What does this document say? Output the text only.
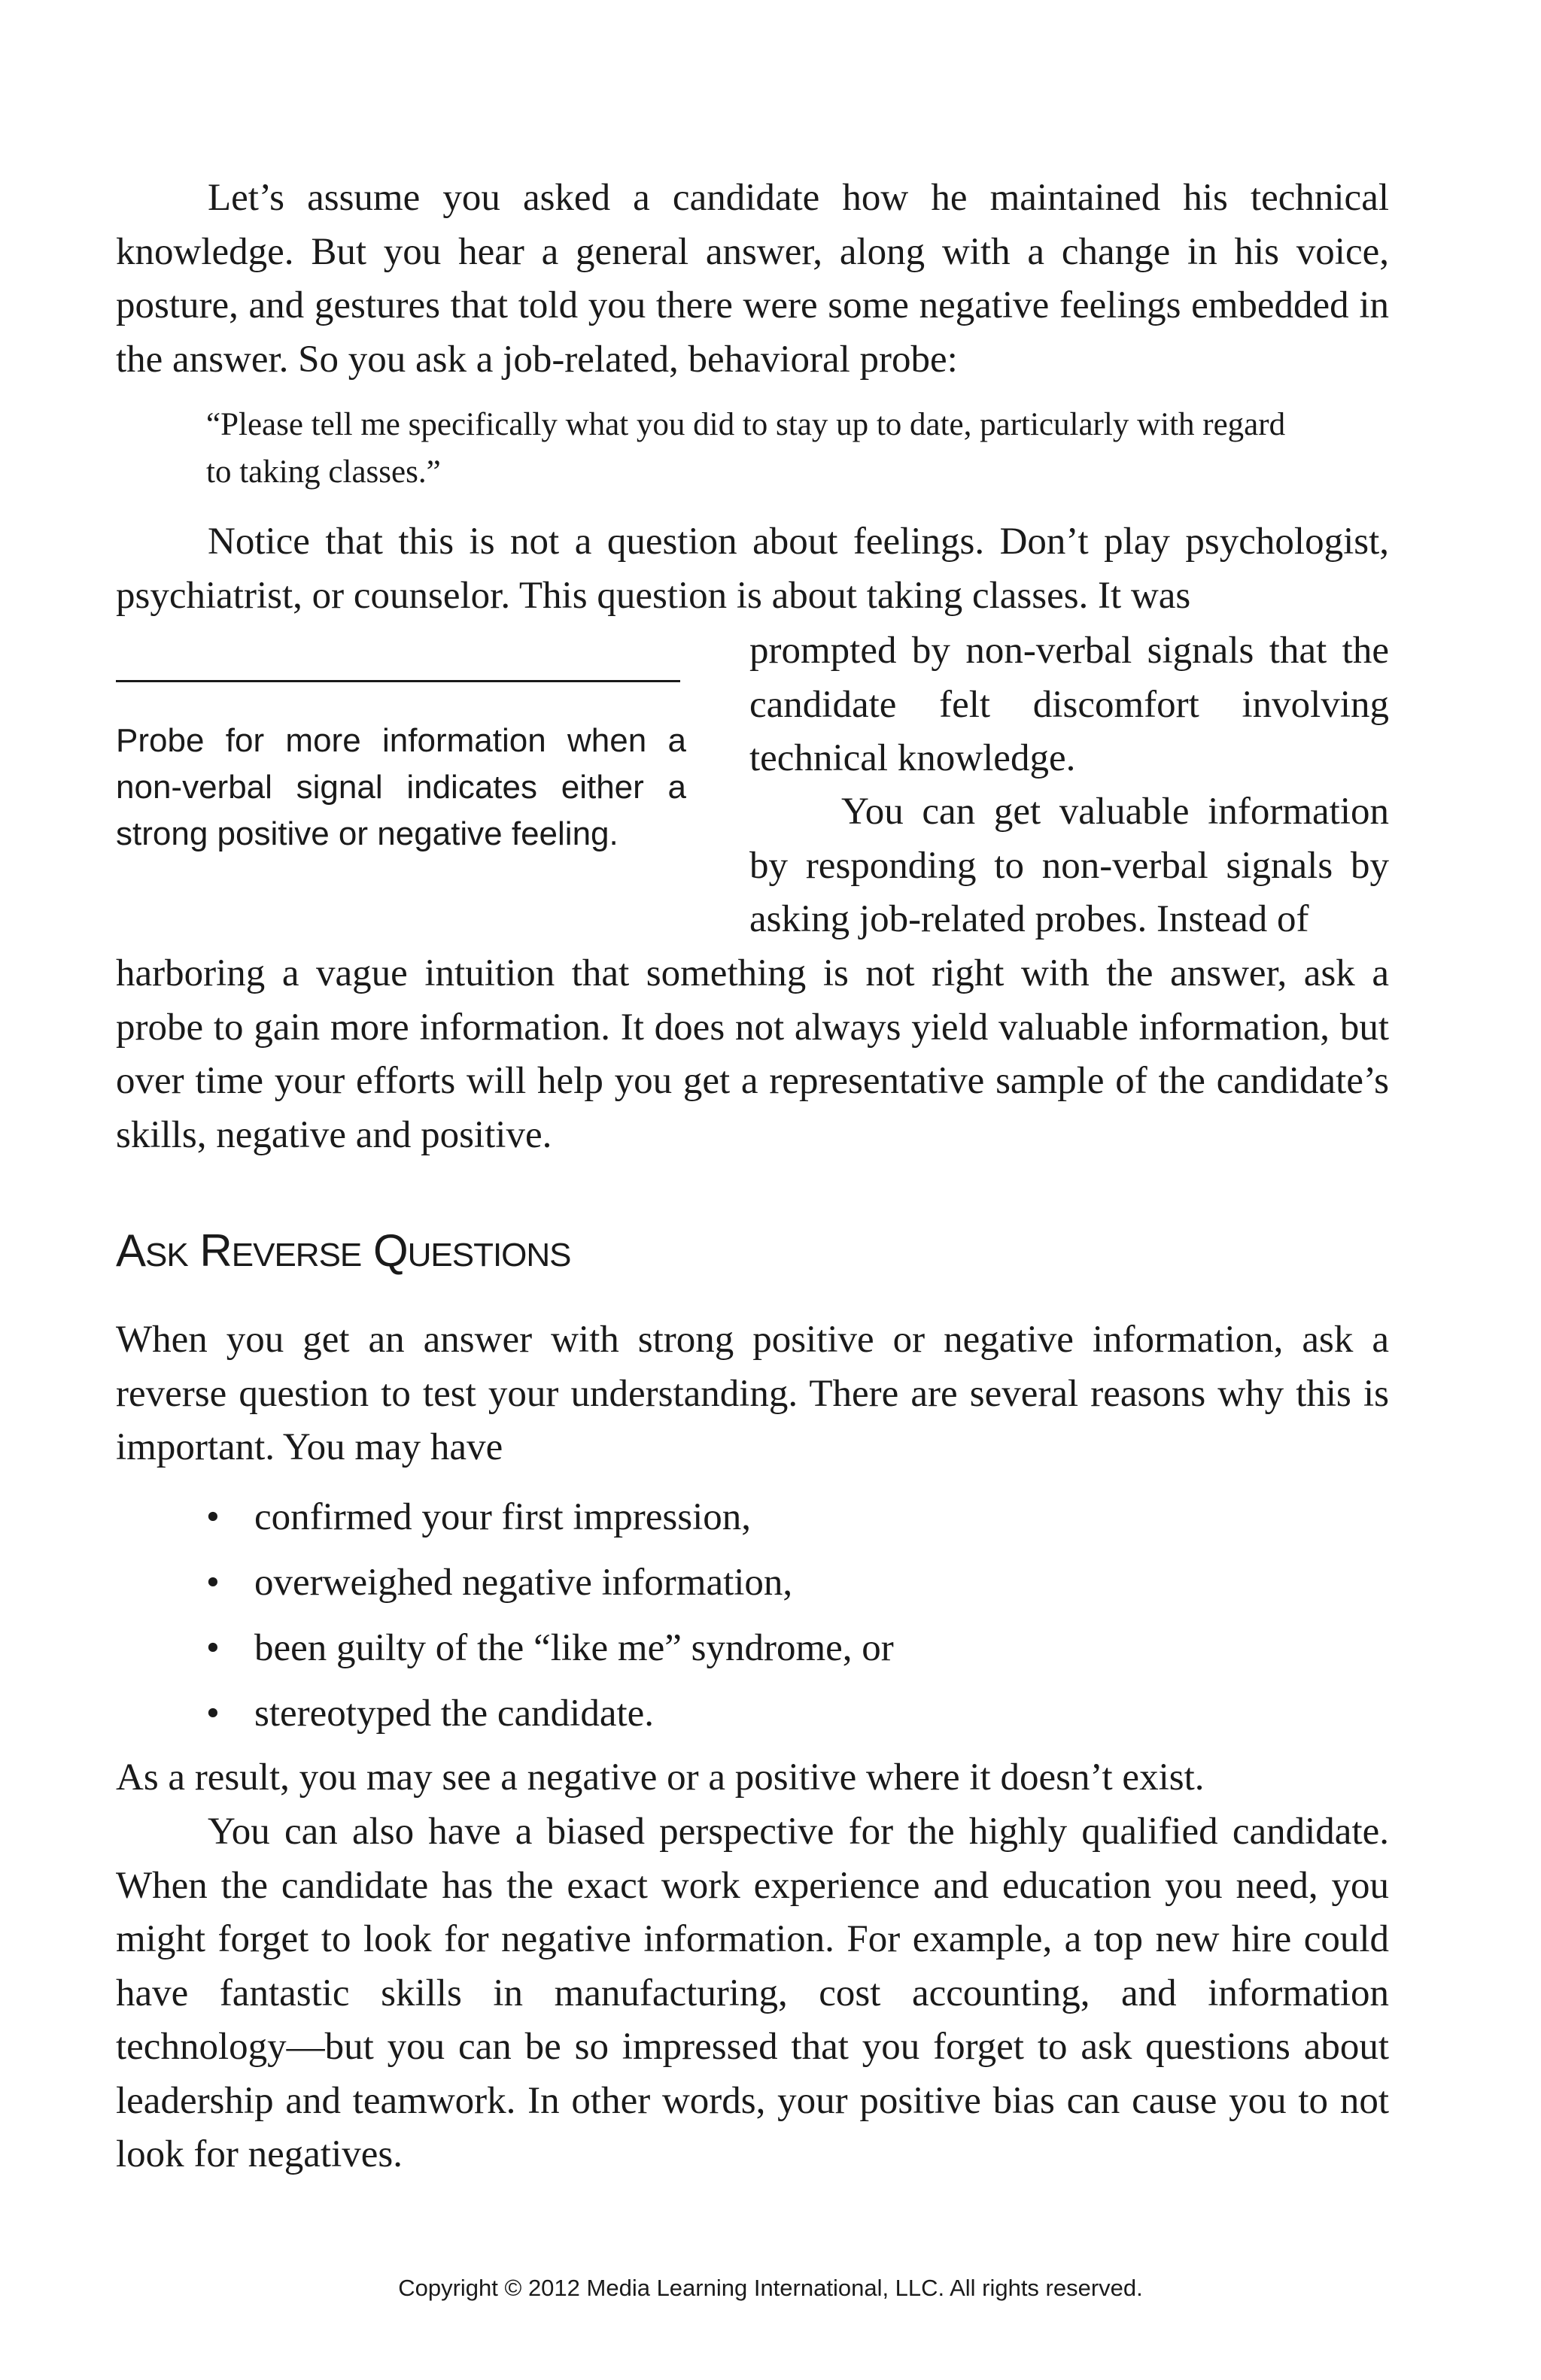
Let’s assume you asked a candidate how he maintained his technical knowledge. But you hear a general answer, along with a change in his voice, posture, and gestures that told you there were some negative feelings embedded in the answer. So you ask a job-related, behavioral probe:

“Please tell me specifically what you did to stay up to date, particularly with regard to taking classes.”

Notice that this is not a question about feelings. Don’t play psychologist, psychiatrist, or counselor. This question is about taking classes. It was

prompted by non-verbal signals that the candidate felt discomfort involving technical knowledge.

Probe for more information when a non-verbal signal indicates either a strong positive or negative feeling.

You can get valuable information by responding to non-verbal signals by asking job-related probes. Instead of

harboring a vague intuition that something is not right with the answer, ask a probe to gain more information. It does not always yield valuable information, but over time your efforts will help you get a representative sample of the candidate’s skills, negative and positive.

ASK REVERSE QUESTIONS

When you get an answer with strong positive or negative information, ask a reverse question to test your understanding. There are several reasons why this is important. You may have

• confirmed your first impression,
• overweighed negative information,
• been guilty of the “like me” syndrome, or
• stereotyped the candidate.

As a result, you may see a negative or a positive where it doesn’t exist.

You can also have a biased perspective for the highly qualified candidate. When the candidate has the exact work experience and education you need, you might forget to look for negative information. For example, a top new hire could have fantastic skills in manufacturing, cost accounting, and information technology—but you can be so impressed that you forget to ask questions about leadership and teamwork. In other words, your positive bias can cause you to not look for negatives.

Copyright © 2012 Media Learning International, LLC. All rights reserved.
